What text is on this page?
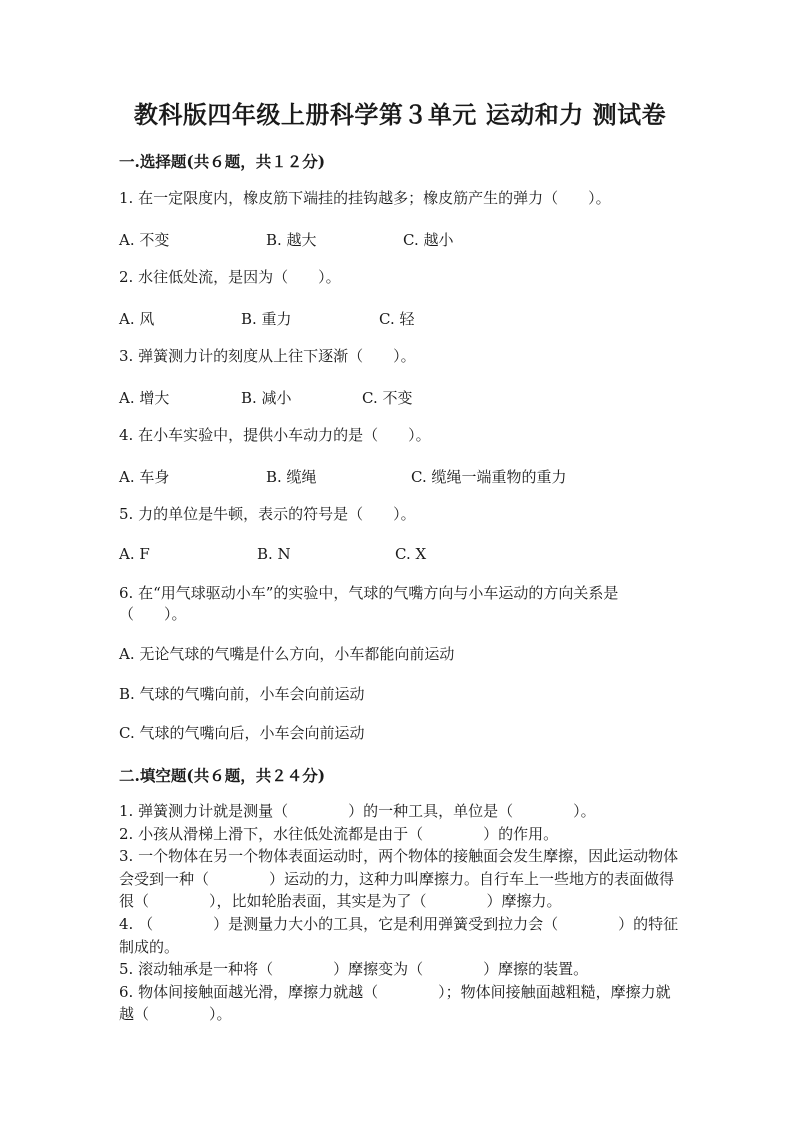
教科版四年级上册科学第３单元 运动和力 测试卷
一.选择题(共６题，共１２分)
1. 在一定限度内，橡皮筋下端挂的挂钩越多；橡皮筋产生的弹力（　　）。
A. 不变	B. 越大	C. 越小
2. 水往低处流，是因为（　　）。
A. 风	B. 重力	C. 轻
3. 弹簧测力计的刻度从上往下逐渐（　　）。
A. 增大	B. 减小	C. 不变
4. 在小车实验中，提供小车动力的是（　　）。
A. 车身	B. 缆绳	C. 缆绳一端重物的重力
5. 力的单位是牛顿，表示的符号是（　　）。
A. F	B. N	C. X
6. 在“用气球驱动小车”的实验中，气球的气嘴方向与小车运动的方向关系是（　　）。
A. 无论气球的气嘴是什么方向，小车都能向前运动
B. 气球的气嘴向前，小车会向前运动
C. 气球的气嘴向后，小车会向前运动
二.填空题(共６题，共２４分)

1. 弹簧测力计就是测量（　　　　）的一种工具，单位是（　　　　）。

2. 小孩从滑梯上滑下，水往低处流都是由于（　　　　）的作用。

3. 一个物体在另一个物体表面运动时，两个物体的接触面会发生摩擦，因此运动物体会受到一种（　　　　）运动的力，这种力叫摩擦力。自行车上一些地方的表面做得很（　　　　），比如轮胎表面，其实是为了（　　　　）摩擦力。

4. （　　　　）是测量力大小的工具，它是利用弹簧受到拉力会（　　　　）的特征制成的。

5. 滚动轴承是一种将（　　　　）摩擦变为（　　　　）摩擦的装置。

6. 物体间接触面越光滑，摩擦力就越（　　　　）；物体间接触面越粗糙，摩擦力就越（　　　　）。
